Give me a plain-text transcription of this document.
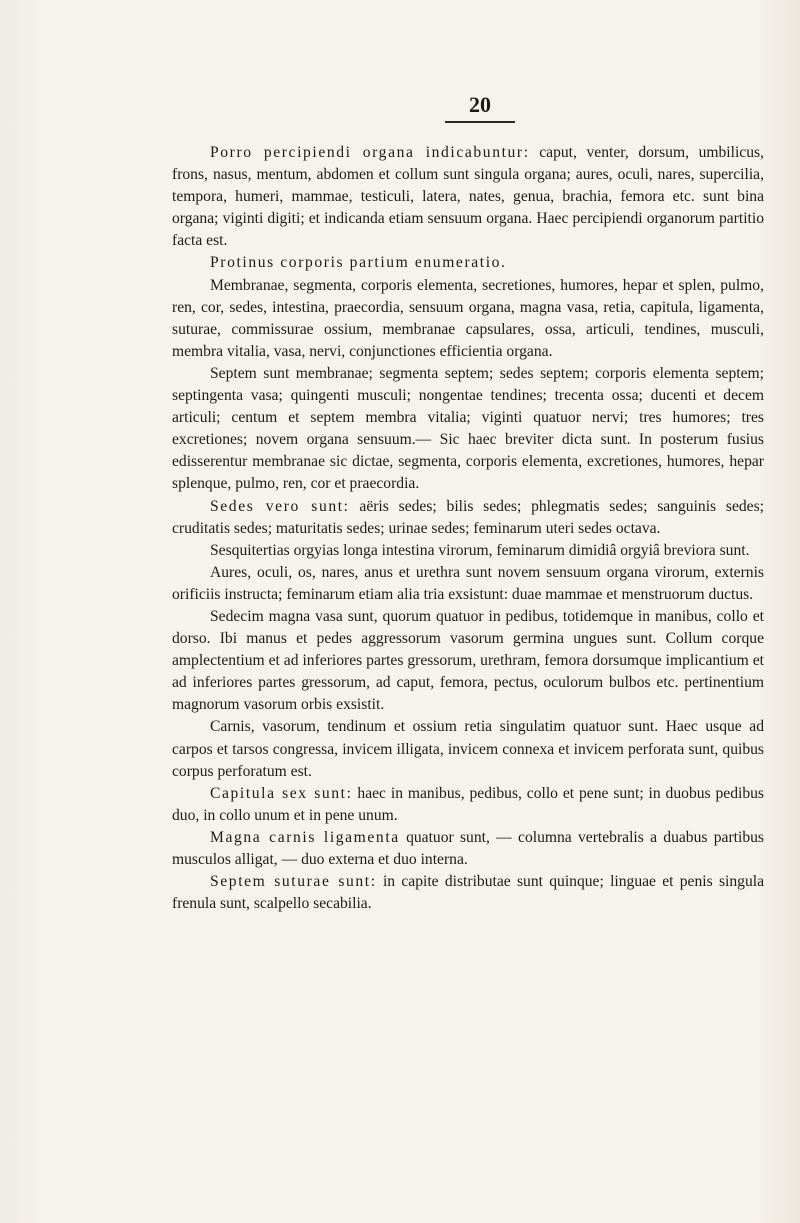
20

Porro percipiendi organa indicabuntur: caput, venter, dorsum, umbilicus, frons, nasus, mentum, abdomen et collum sunt singula organa; aures, oculi, nares, supercilia, tempora, humeri, mammae, testiculi, latera, nates, genua, brachia, femora etc. sunt bina organa; viginti digiti; et indicanda etiam sensuum organa. Haec percipiendi organorum partitio facta est.

Protinus corporis partium enumeratio.

Membranae, segmenta, corporis elementa, secretiones, humores, hepar et splen, pulmo, ren, cor, sedes, intestina, praecordia, sensuum organa, magna vasa, retia, capitula, ligamenta, suturae, commissurae ossium, membranae capsulares, ossa, articuli, tendines, musculi, membra vitalia, vasa, nervi, conjunctiones efficientia organa.

Septem sunt membranae; segmenta septem; sedes septem; corporis elementa septem; septingenta vasa; quingenti musculi; nongentae tendines; trecenta ossa; ducenti et decem articuli; centum et septem membra vitalia; viginti quatuor nervi; tres humores; tres excretiones; novem organa sensuum.— Sic haec breviter dicta sunt. In posterum fusius edisserentur membranae sic dictae, segmenta, corporis elementa, excretiones, humores, hepar splenque, pulmo, ren, cor et praecordia.

Sedes vero sunt: aëris sedes; bilis sedes; phlegmatis sedes; sanguinis sedes; cruditatis sedes; maturitatis sedes; urinae sedes; feminarum uteri sedes octava.

Sesquitertias orgyias longa intestina virorum, feminarum dimidiâ orgyiâ breviora sunt.

Aures, oculi, os, nares, anus et urethra sunt novem sensuum organa virorum, externis orificiis instructa; feminarum etiam alia tria exsistunt: duae mammae et menstruorum ductus.

Sedecim magna vasa sunt, quorum quatuor in pedibus, totidemque in manibus, collo et dorso. Ibi manus et pedes aggressorum vasorum germina ungues sunt. Collum corque amplectentium et ad inferiores partes gressorum, urethram, femora dorsumque implicantium et ad inferiores partes gressorum, ad caput, femora, pectus, oculorum bulbos etc. pertinentium magnorum vasorum orbis exsistit.

Carnis, vasorum, tendinum et ossium retia singulatim quatuor sunt. Haec usque ad carpos et tarsos congressa, invicem illigata, invicem connexa et invicem perforata sunt, quibus corpus perforatum est.

Capitula sex sunt: haec in manibus, pedibus, collo et pene sunt; in duobus pedibus duo, in collo unum et in pene unum.

Magna carnis ligamenta quatuor sunt, — columna vertebralis a duabus partibus musculos alligat, — duo externa et duo interna.

Septem suturae sunt: in capite distributae sunt quinque; linguae et penis singula frenula sunt, scalpello secabilia.
